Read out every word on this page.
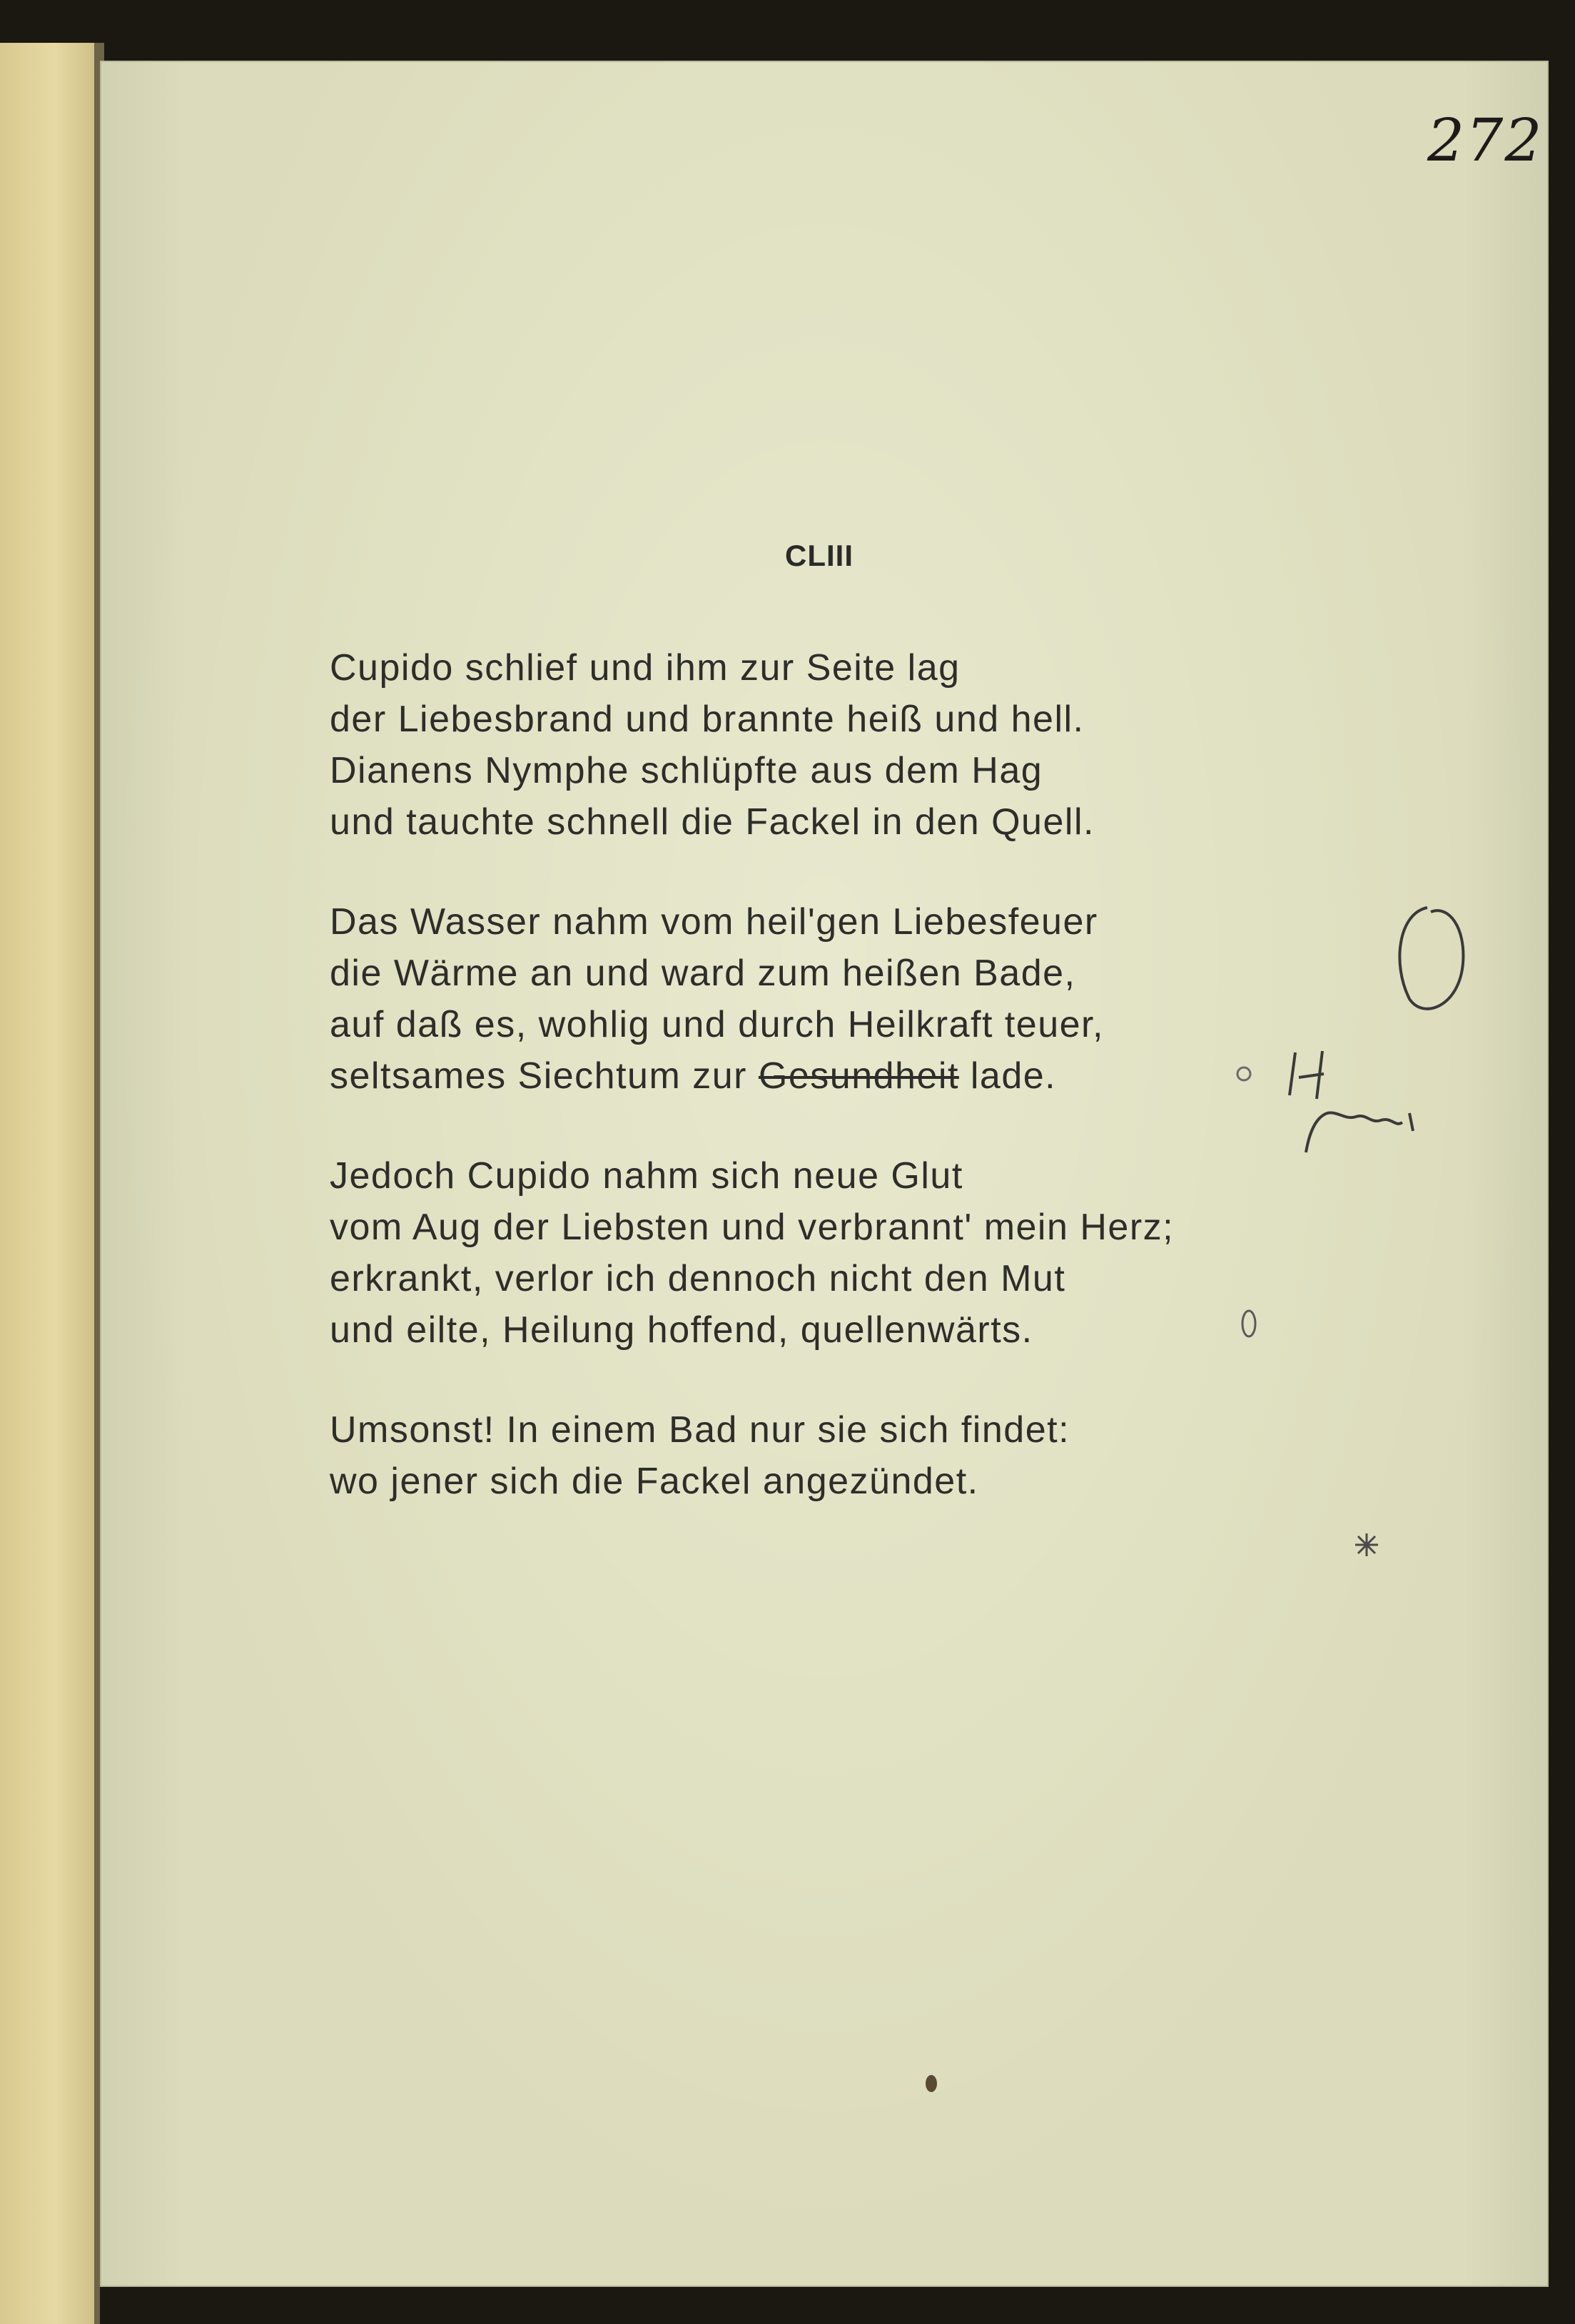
272
CLIII
Cupido schlief und ihm zur Seite lag
der Liebesbrand und brannte heiß und hell.
Dianens Nymphe schlüpfte aus dem Hag
und tauchte schnell die Fackel in den Quell.
Das Wasser nahm vom heil'gen Liebesfeuer
die Wärme an und ward zum heißen Bade,
auf daß es, wohlig und durch Heilkraft teuer,
seltsames Siechtum zur Gesundheit lade.
Jedoch Cupido nahm sich neue Glut
vom Aug der Liebsten und verbrannt' mein Herz;
erkrankt, verlor ich dennoch nicht den Mut
und eilte, Heilung hoffend, quellenwärts.
Umsonst! In einem Bad nur sie sich findet:
wo jener sich die Fackel angezündet.
